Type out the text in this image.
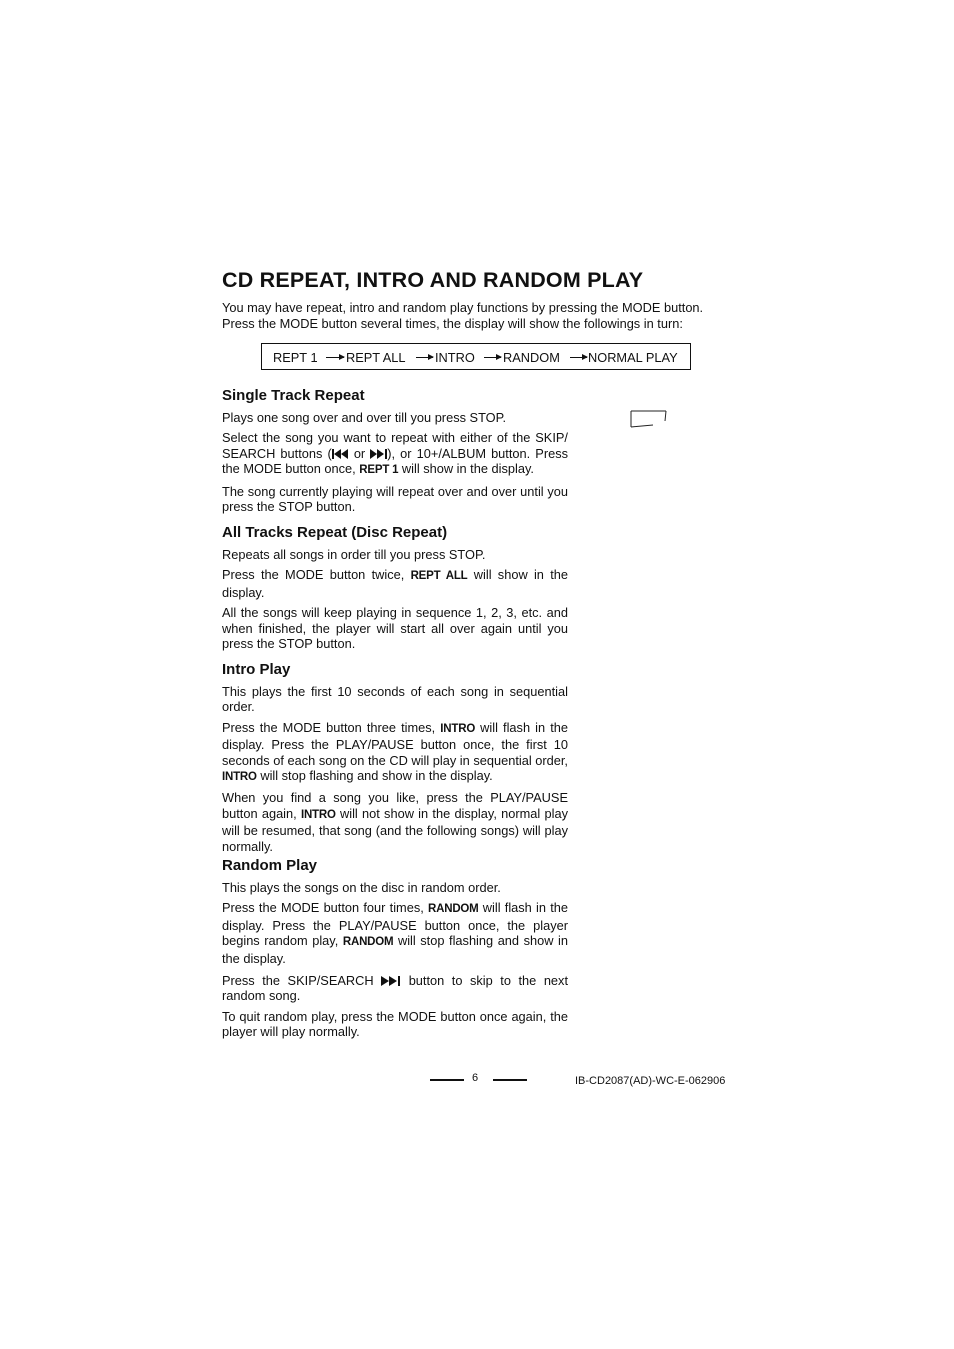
CD REPEAT, INTRO AND RANDOM PLAY
You may have repeat, intro and random play functions by pressing the MODE button. Press the MODE button several times, the display will show the followings in turn:
REPT 1 REPT ALL INTRO RANDOM NORMAL PLAY
Single Track Repeat

Plays one song over and over till you press STOP.

Select the song you want to repeat with either of the SKIP/ SEARCH buttons ( or ), or 10+/ALBUM button. Press the MODE button once, REPT 1 will show in the display.

The song currently playing will repeat over and over until you press the STOP button.

All Tracks Repeat (Disc Repeat)

Repeats all songs in order till you press STOP.

Press the MODE button twice, REPT ALL will show in the display.

All the songs will keep playing in sequence 1, 2, 3, etc. and when finished, the player will start all over again until you press the STOP button.

Intro Play

This plays the first 10 seconds of each song in sequential order.

Press the MODE button three times, INTRO will flash in the display. Press the PLAY/PAUSE button once, the first 10 seconds of each song on the CD will play in sequential order, INTRO will stop flashing and show in the display.

When you find a song you like, press the PLAY/PAUSE button again, INTRO will not show in the display, normal play will be resumed, that song (and the following songs) will play normally.

Random Play

This plays the songs on the disc in random order.

Press the MODE button four times, RANDOM will flash in the display. Press the PLAY/PAUSE button once, the player begins random play, RANDOM will stop flashing and show in the display.

Press the SKIP/SEARCH  button to skip to the next random song.

To quit random play, press the MODE button once again, the player will play normally.

6	IB-CD2087(AD)-WC-E-062906
